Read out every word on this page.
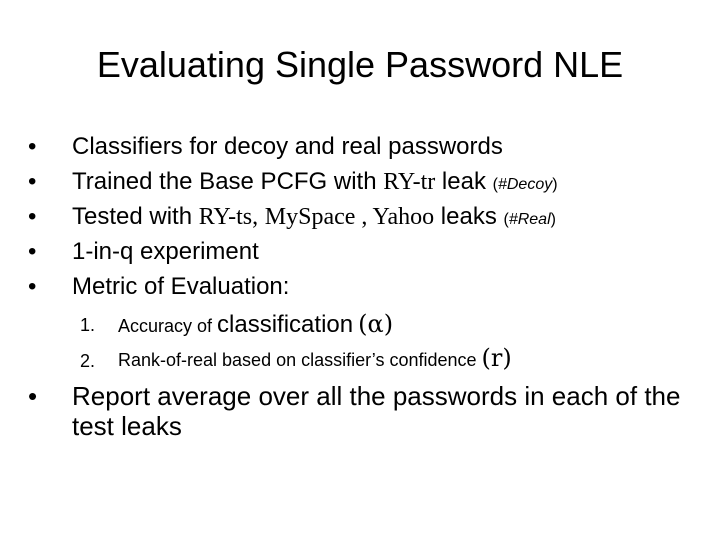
Evaluating Single Password NLE
• Classifiers for decoy and real passwords
• Trained the Base PCFG with RY-tr leak (#Decoy)
• Tested with RY-ts, MySpace , Yahoo leaks (#Real)
• 1-in-q experiment
• Metric of Evaluation:
1. Accuracy of classification (α)
2. Rank-of-real based on classifier’s confidence (r)
• Report average over all the passwords in each of the test leaks
